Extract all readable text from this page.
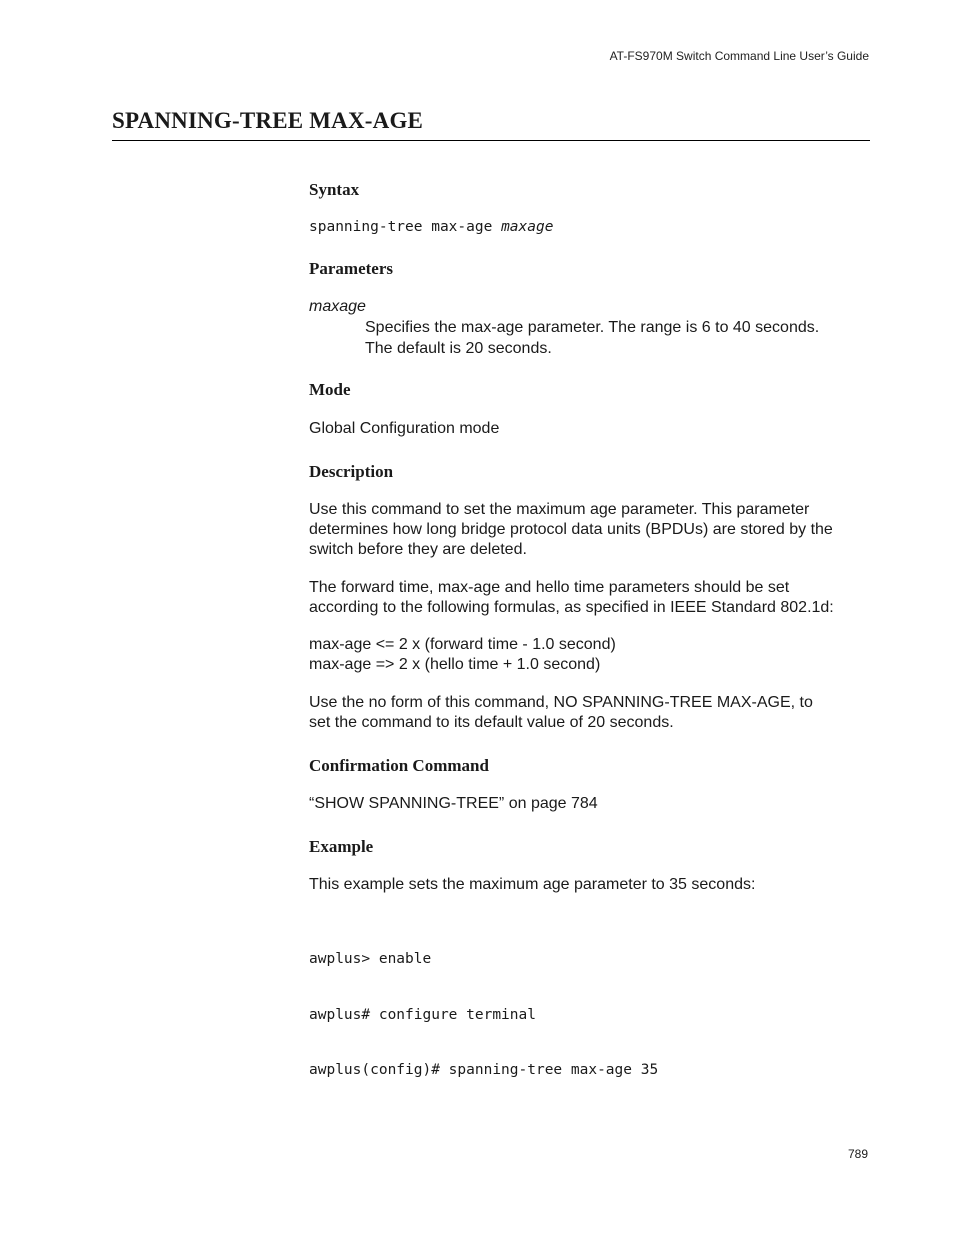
AT-FS970M Switch Command Line User’s Guide
SPANNING-TREE MAX-AGE
Syntax
spanning-tree max-age maxage
Parameters
maxage
Specifies the max-age parameter. The range is 6 to 40 seconds.
The default is 20 seconds.
Mode
Global Configuration mode
Description
Use this command to set the maximum age parameter. This parameter
determines how long bridge protocol data units (BPDUs) are stored by the
switch before they are deleted.
The forward time, max-age and hello time parameters should be set
according to the following formulas, as specified in IEEE Standard 802.1d:
max-age <= 2 x (forward time - 1.0 second)
max-age => 2 x (hello time + 1.0 second)
Use the no form of this command, NO SPANNING-TREE MAX-AGE, to
set the command to its default value of 20 seconds.
Confirmation Command
“SHOW SPANNING-TREE” on page 784
Example
This example sets the maximum age parameter to 35 seconds:

awplus> enable

awplus# configure terminal

awplus(config)# spanning-tree max-age 35

789
